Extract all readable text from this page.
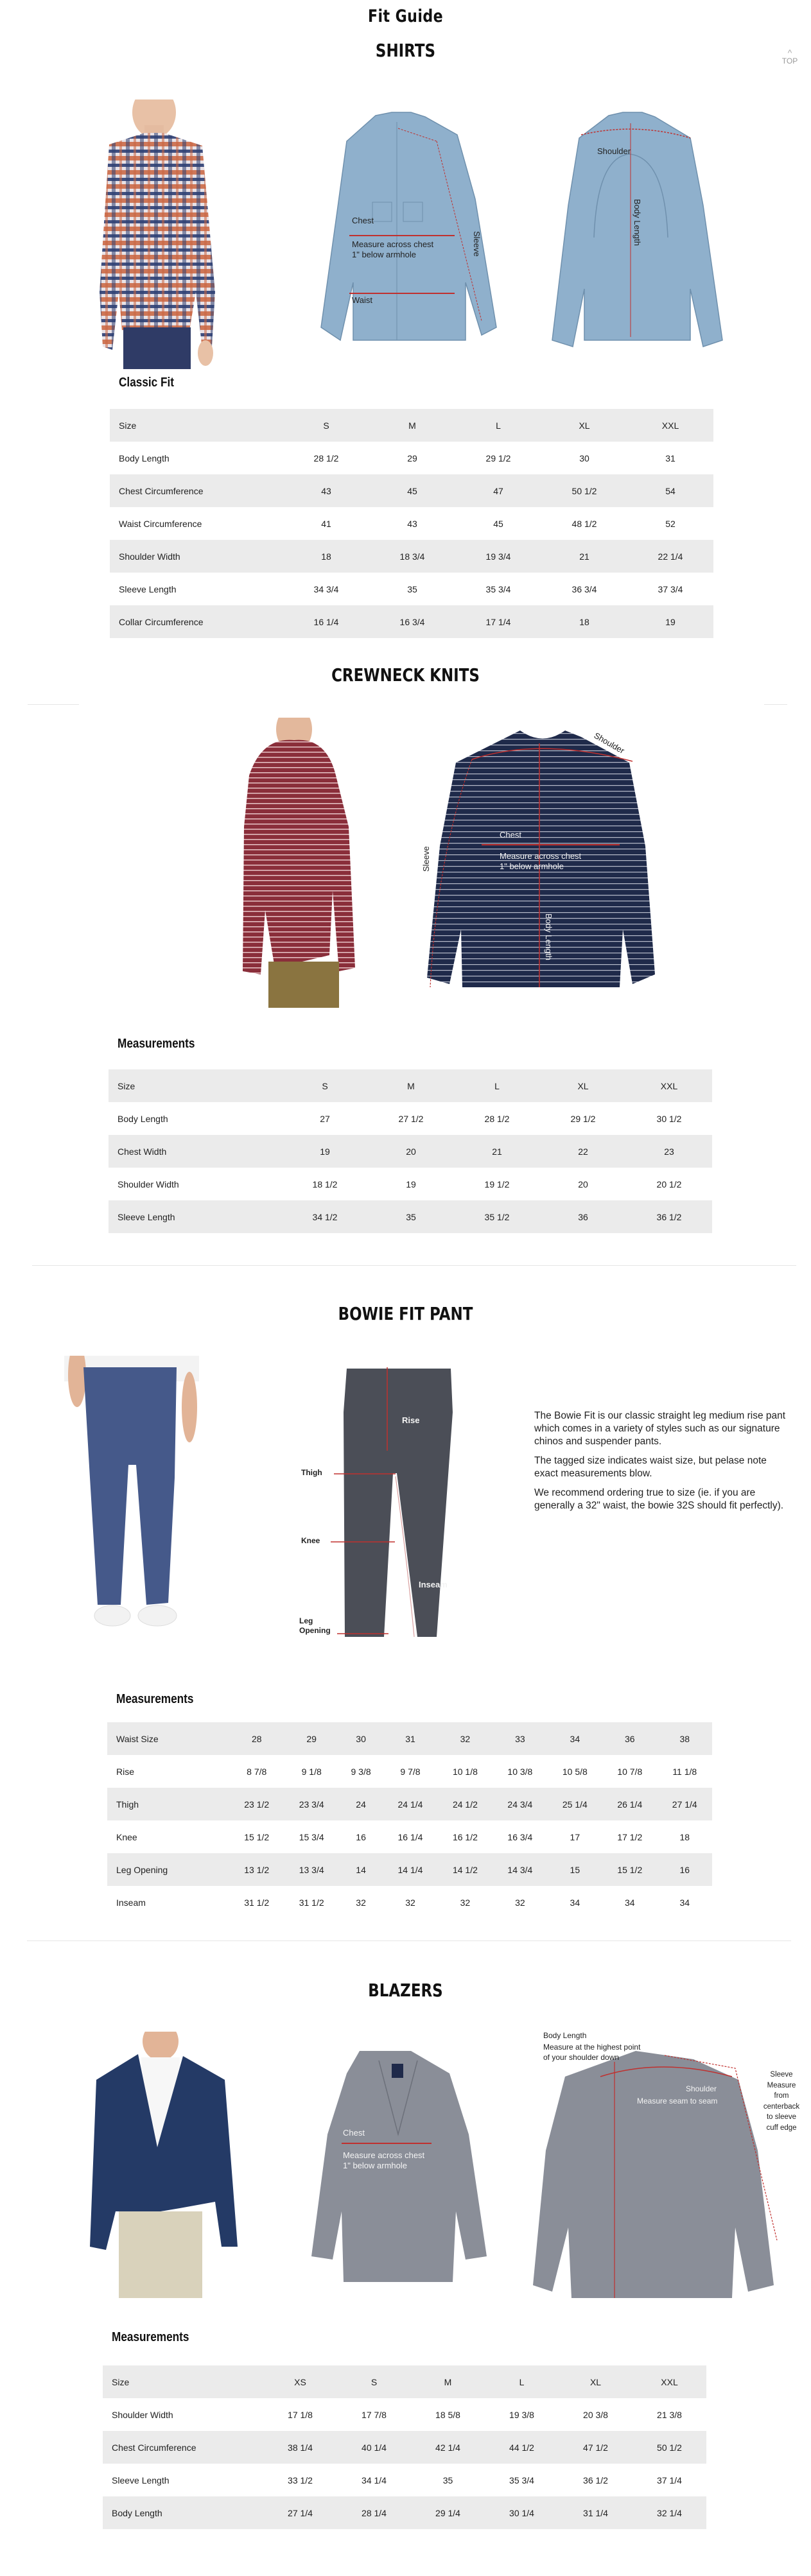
Fit Guide
^
TOP
SHIRTS
Chest
Measure across chest
1" below armhole
Waist
Sleeve
Shoulder
Body Length
Classic Fit
Size	S	M	L	XL	XXL
Body Length	28 1/2	29	29 1/2	30	31
Chest Circumference	43	45	47	50 1/2	54
Waist Circumference	41	43	45	48 1/2	52
Shoulder Width	18	18 3/4	19 3/4	21	22 1/4
Sleeve Length	34 3/4	35	35 3/4	36 3/4	37 3/4
Collar Circumference	16 1/4	16 3/4	17 1/4	18	19
CREWNECK KNITS
Shoulder
Chest
Measure across chest
1" below armhole
Sleeve
Body Length
Measurements
Size	S	M	L	XL	XXL
Body Length	27	27 1/2	28 1/2	29 1/2	30 1/2
Chest Width	19	20	21	22	23
Shoulder Width	18 1/2	19	19 1/2	20	20 1/2
Sleeve Length	34 1/2	35	35 1/2	36	36 1/2
BOWIE FIT PANT
Rise
Thigh
Knee
Inseam
Leg
Opening

The Bowie Fit is our classic straight leg medium rise pant which comes in a variety of styles such as our signature chinos and suspender pants.

The tagged size indicates waist size, but pelase note exact measurements blow.

We recommend ordering true to size (ie. if you are generally a 32" waist, the bowie 32S should fit perfectly).

Measurements
Waist Size	28	29	30	31	32	33	34	36	38
Rise	8 7/8	9 1/8	9 3/8	9 7/8	10 1/8	10 3/8	10 5/8	10 7/8	11 1/8
Thigh	23 1/2	23 3/4	24	24 1/4	24 1/2	24 3/4	25 1/4	26 1/4	27 1/4
Knee	15 1/2	15 3/4	16	16 1/4	16 1/2	16 3/4	17	17 1/2	18
Leg Opening	13 1/2	13 3/4	14	14 1/4	14 1/2	14 3/4	15	15 1/2	16
Inseam	31 1/2	31 1/2	32	32	32	32	34	34	34
BLAZERS
Chest
Measure across chest
1" below armhole
Body Length
Measure at the highest point
of your shoulder down
Shoulder
Measure seam to seam
Sleeve
Measure
from
centerback
to sleeve
cuff edge
Measurements
Size	XS	S	M	L	XL	XXL
Shoulder Width	17 1/8	17 7/8	18 5/8	19 3/8	20 3/8	21 3/8
Chest Circumference	38 1/4	40 1/4	42 1/4	44 1/2	47 1/2	50 1/2
Sleeve Length	33 1/2	34 1/4	35	35 3/4	36 1/2	37 1/4
Body Length	27 1/4	28 1/4	29 1/4	30 1/4	31 1/4	32 1/4
